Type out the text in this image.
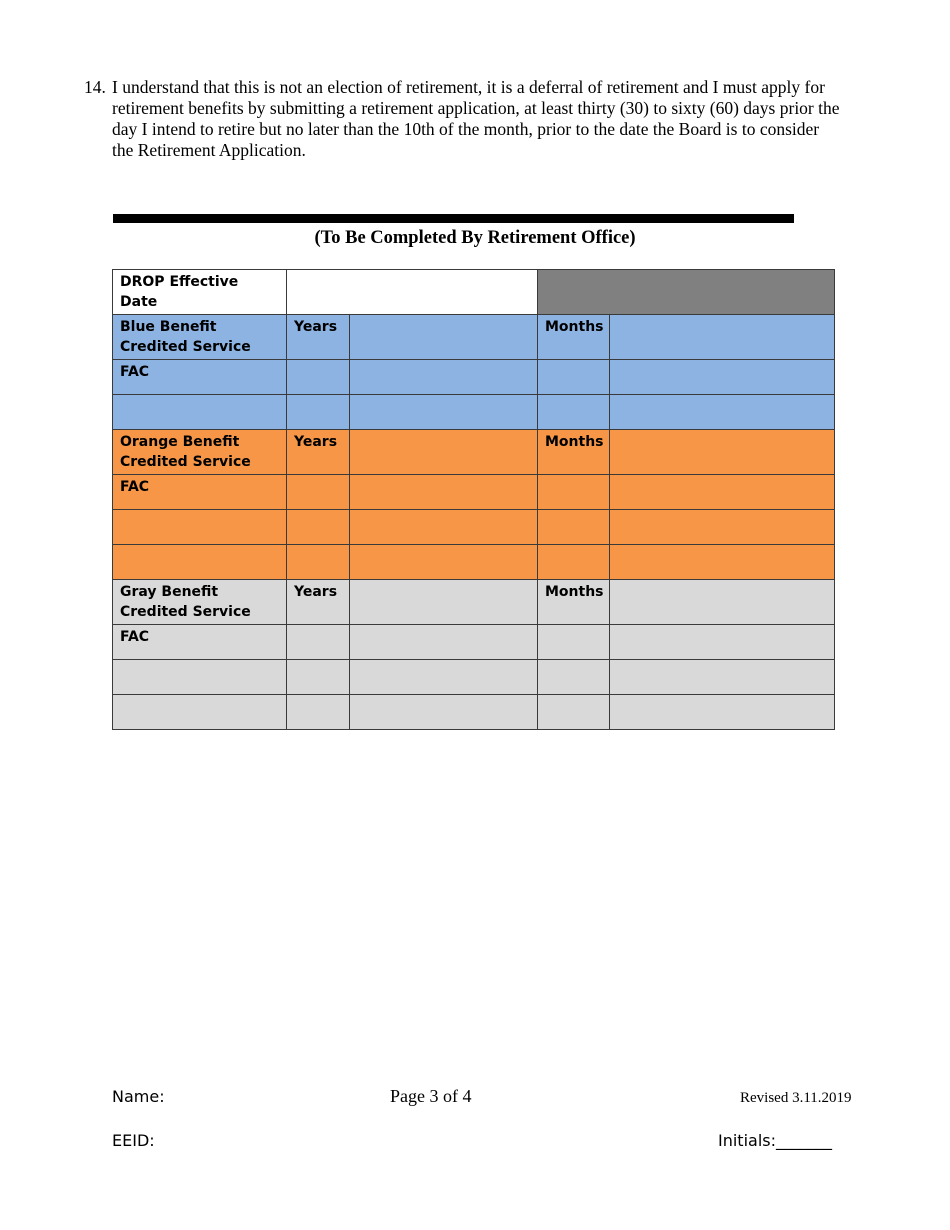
14. I understand that this is not an election of retirement, it is a deferral of retirement and I must apply for retirement benefits by submitting a retirement application, at least thirty (30) to sixty (60) days prior the day I intend to retire but no later than the 10th of the month, prior to the date the Board is to consider the Retirement Application.
(To Be Completed By Retirement Office)
DROP Effective Date				
Blue Benefit Credited Service	Years		Months	
FAC				

Orange Benefit Credited Service	Years		Months	
FAC				

Gray Benefit Credited Service	Years		Months	
FAC				

Name:	Page 3 of 4	Revised 3.11.2019
EEID:	Initials:_______
